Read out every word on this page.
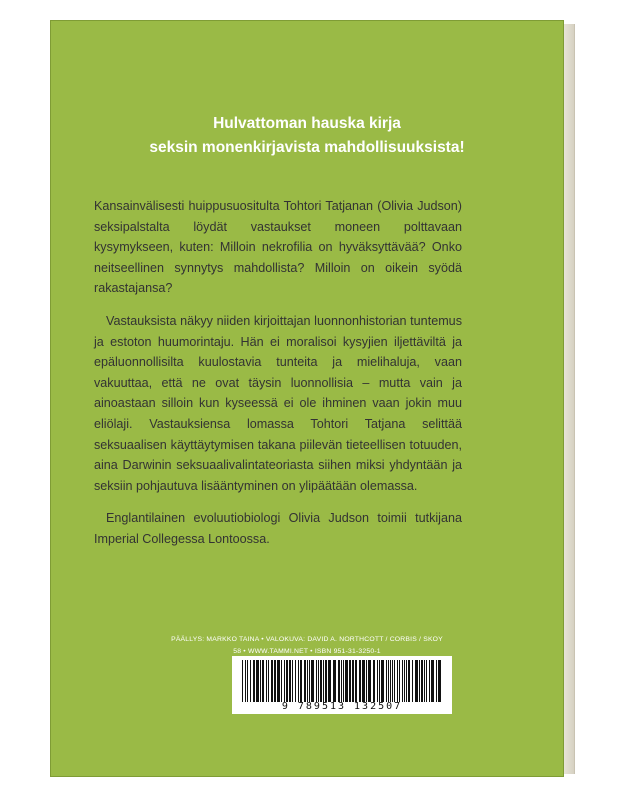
Hulvattoman hauska kirja
seksin monenkirjavista mahdollisuuksista!
PÄÄLLYS: MARKKO TAINA • VALOKUVA: DAVID A. NORTHCOTT / CORBIS / SKOY
58 • WWW.TAMMI.NET • ISBN 951-31-3250-1

Kansainvälisesti huippusuositulta Tohtori Tatjanan (Olivia Judson) seksipalstalta löydät vastaukset moneen polttavaan kysymykseen, kuten: Milloin nekrofilia on hyväksyttävää? Onko neitseellinen synnytys mahdollista? Milloin on oikein syödä rakastajansa?

Vastauksista näkyy niiden kirjoittajan luonnonhistorian tuntemus ja estoton huumorintaju. Hän ei moralisoi kysyjien iljettäviltä ja epäluonnollisilta kuulostavia tunteita ja mielihaluja, vaan vakuuttaa, että ne ovat täysin luonnollisia – mutta vain ja ainoastaan silloin kun kyseessä ei ole ihminen vaan jokin muu eliölaji. Vastauksiensa lomassa Tohtori Tatjana selittää seksuaalisen käyttäytymisen takana piilevän tieteellisen totuuden, aina Darwinin seksuaalivalintateoriasta siihen miksi yhdyntään ja seksiin pohjautuva lisääntyminen on ylipäätään olemassa.

Englantilainen evoluutiobiologi Olivia Judson toimii tutkijana Imperial Collegessa Lontoossa.

9 789513 132507
